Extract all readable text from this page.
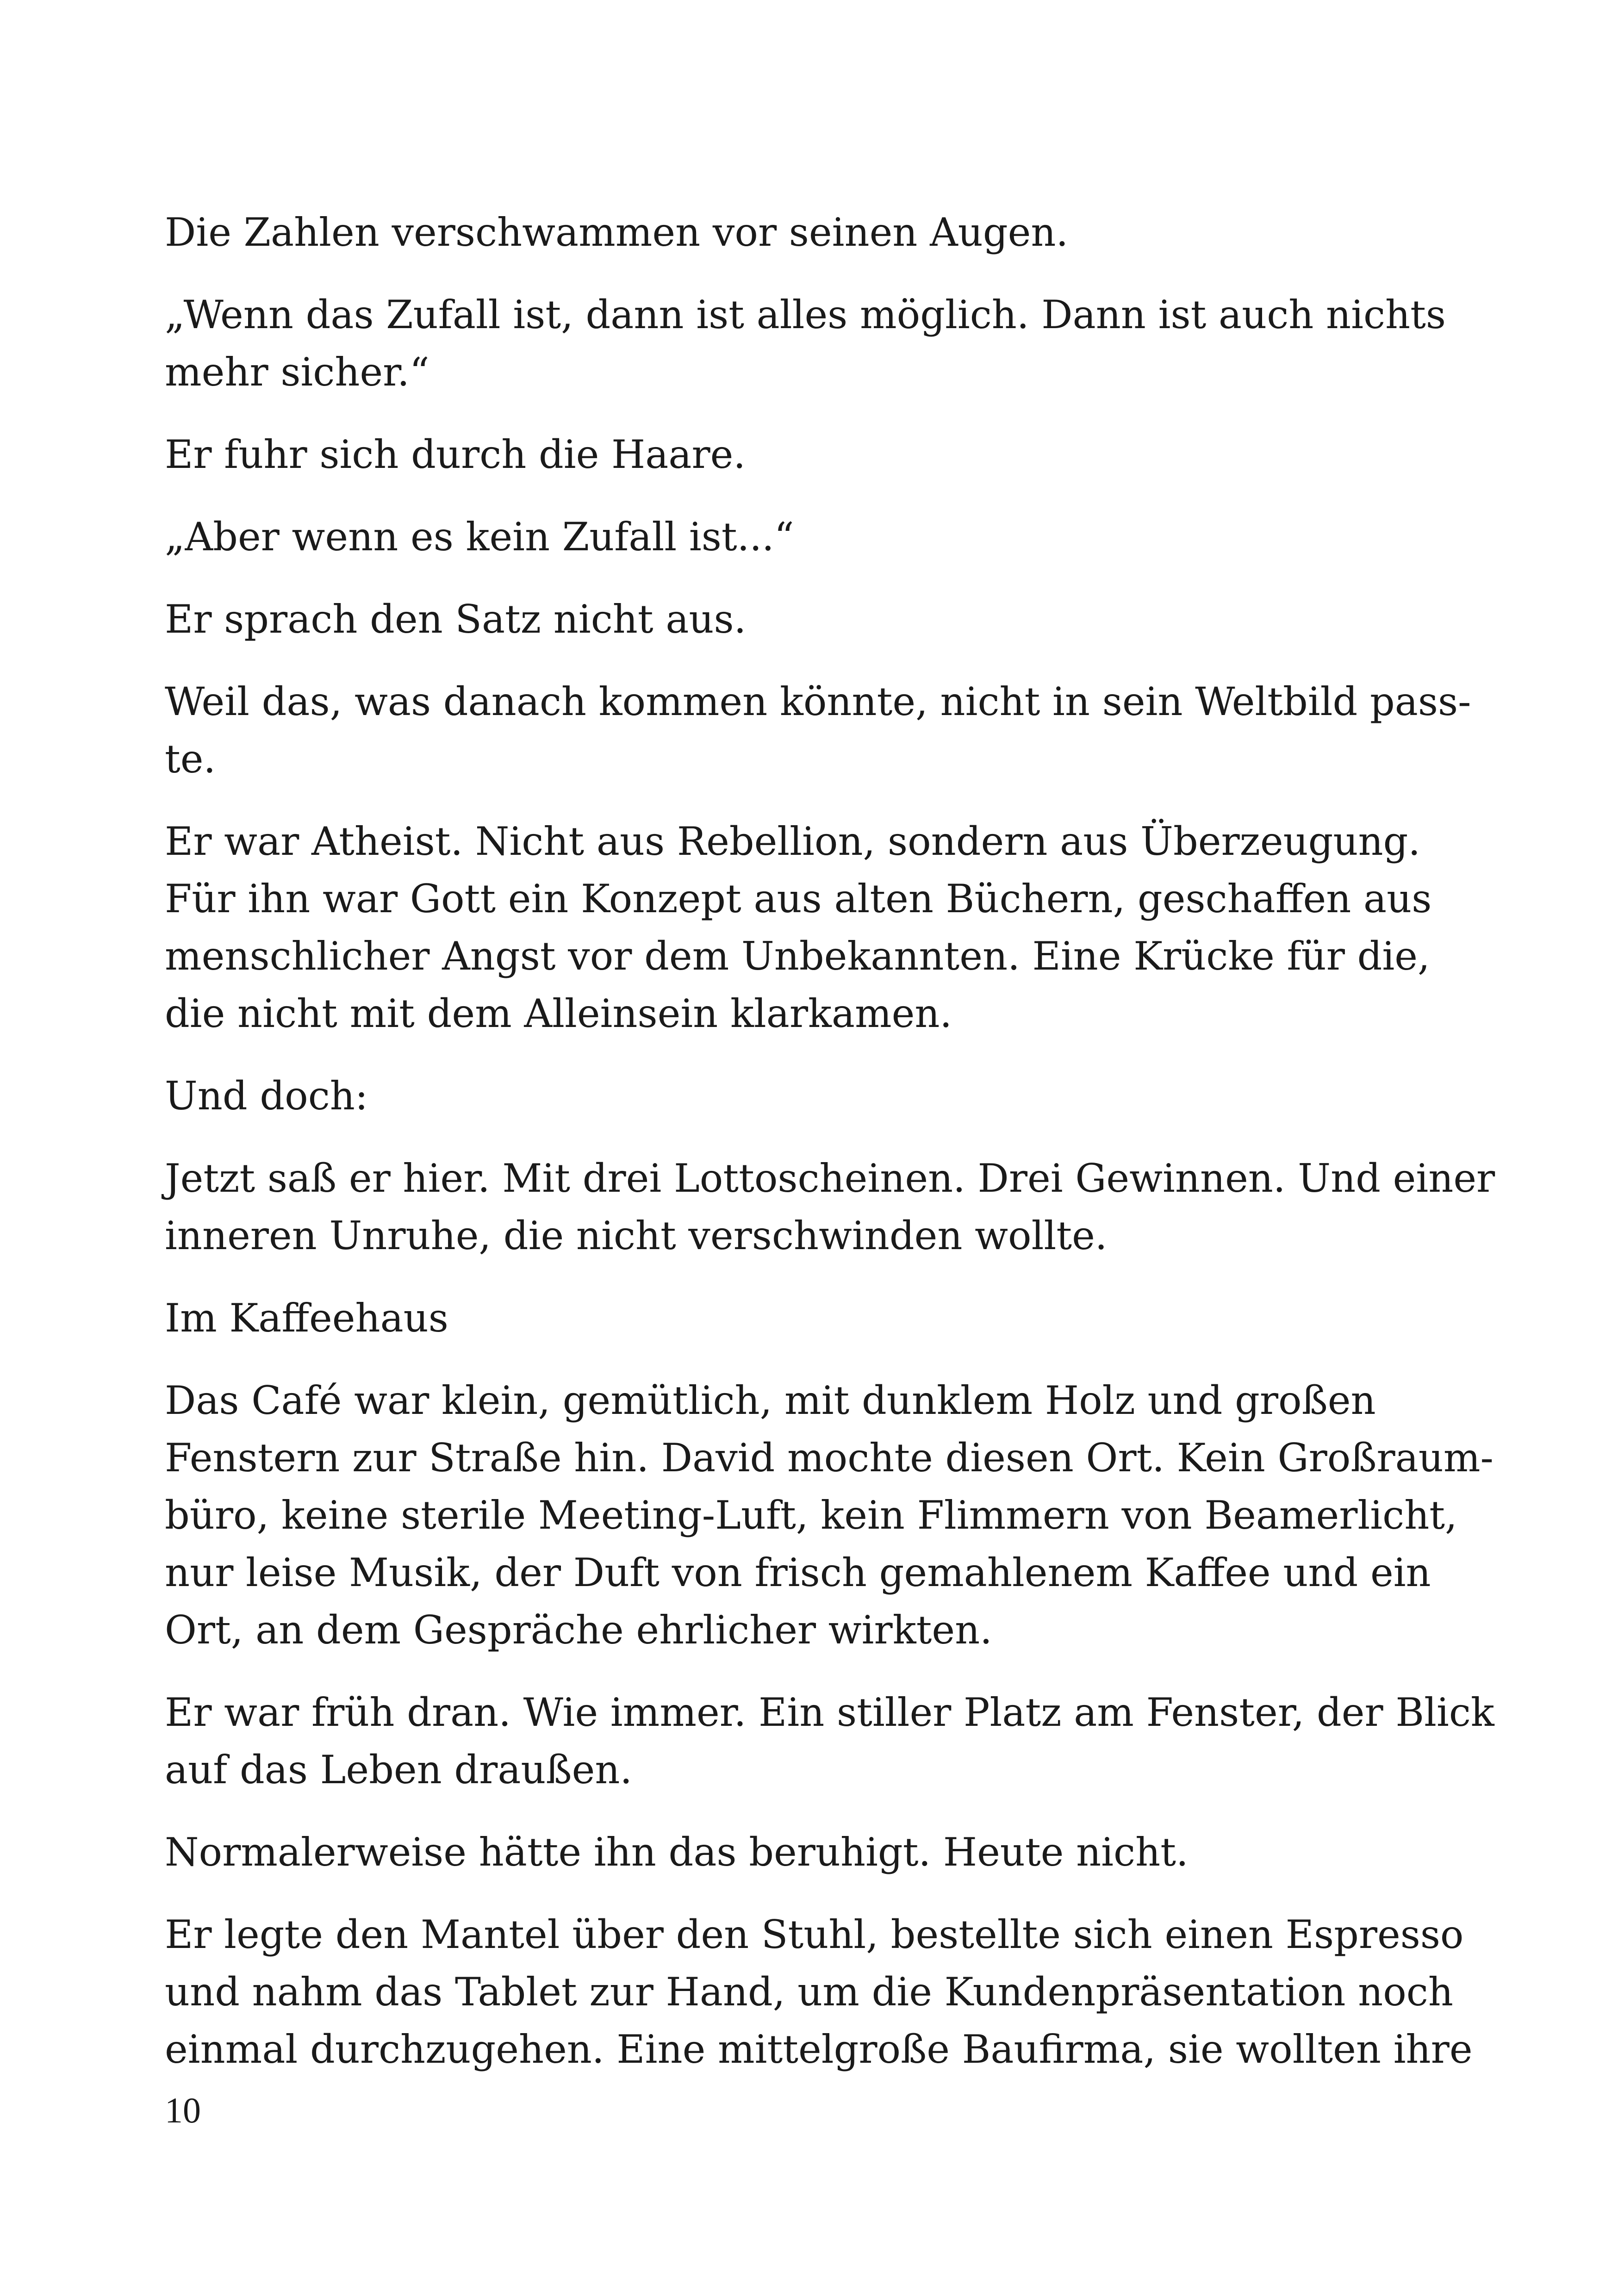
Die Zahlen verschwammen vor seinen Augen.

„Wenn das Zufall ist, dann ist alles möglich. Dann ist auch nichts
mehr sicher.“

Er fuhr sich durch die Haare.

„Aber wenn es kein Zufall ist...“

Er sprach den Satz nicht aus.

Weil das, was danach kommen könnte, nicht in sein Weltbild pass-
te.

Er war Atheist. Nicht aus Rebellion, sondern aus Überzeugung.
Für ihn war Gott ein Konzept aus alten Büchern, geschaffen aus
menschlicher Angst vor dem Unbekannten. Eine Krücke für die,
die nicht mit dem Alleinsein klarkamen.

Und doch:

Jetzt saß er hier. Mit drei Lottoscheinen. Drei Gewinnen. Und einer
inneren Unruhe, die nicht verschwinden wollte.

Im Kaffeehaus

Das Café war klein, gemütlich, mit dunklem Holz und großen
Fenstern zur Straße hin. David mochte diesen Ort. Kein Großraum-
büro, keine sterile Meeting-Luft, kein Flimmern von Beamerlicht,
nur leise Musik, der Duft von frisch gemahlenem Kaffee und ein
Ort, an dem Gespräche ehrlicher wirkten.

Er war früh dran. Wie immer. Ein stiller Platz am Fenster, der Blick
auf das Leben draußen.

Normalerweise hätte ihn das beruhigt. Heute nicht.

Er legte den Mantel über den Stuhl, bestellte sich einen Espresso
und nahm das Tablet zur Hand, um die Kundenpräsentation noch
einmal durchzugehen. Eine mittelgroße Baufirma, sie wollten ihre

10
